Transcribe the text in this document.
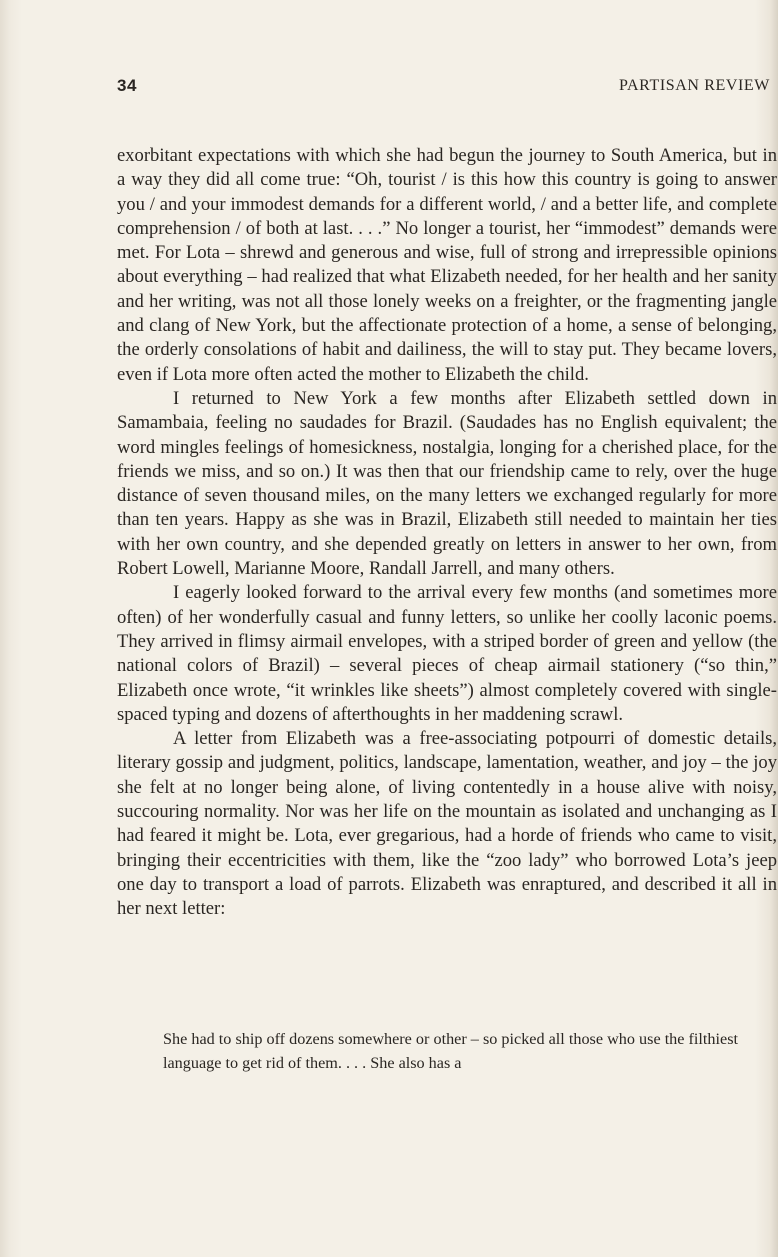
34	PARTISAN REVIEW

exorbitant expectations with which she had begun the journey to South America, but in a way they did all come true: “Oh, tourist / is this how this country is going to answer you / and your immodest demands for a different world, / and a better life, and complete comprehension / of both at last. . . .” No longer a tourist, her “immodest” demands were met. For Lota – shrewd and generous and wise, full of strong and irrepressible opinions about everything – had realized that what Elizabeth needed, for her health and her sanity and her writing, was not all those lonely weeks on a freighter, or the fragmenting jangle and clang of New York, but the affectionate protection of a home, a sense of belonging, the orderly consolations of habit and dailiness, the will to stay put. They became lovers, even if Lota more often acted the mother to Elizabeth the child.

I returned to New York a few months after Elizabeth settled down in Samambaia, feeling no saudades for Brazil. (Saudades has no English equivalent; the word mingles feelings of homesickness, nostalgia, longing for a cherished place, for the friends we miss, and so on.) It was then that our friendship came to rely, over the huge distance of seven thousand miles, on the many letters we exchanged regularly for more than ten years. Happy as she was in Brazil, Elizabeth still needed to maintain her ties with her own country, and she depended greatly on letters in answer to her own, from Robert Lowell, Marianne Moore, Randall Jarrell, and many others.

I eagerly looked forward to the arrival every few months (and sometimes more often) of her wonderfully casual and funny letters, so unlike her coolly laconic poems. They arrived in flimsy airmail envelopes, with a striped border of green and yellow (the national colors of Brazil) – several pieces of cheap airmail stationery (“so thin,” Elizabeth once wrote, “it wrinkles like sheets”) almost completely covered with single-spaced typing and dozens of afterthoughts in her maddening scrawl.

A letter from Elizabeth was a free-associating potpourri of domestic details, literary gossip and judgment, politics, landscape, lamentation, weather, and joy – the joy she felt at no longer being alone, of living contentedly in a house alive with noisy, succouring normality. Nor was her life on the mountain as isolated and unchanging as I had feared it might be. Lota, ever gregarious, had a horde of friends who came to visit, bringing their eccentricities with them, like the “zoo lady” who borrowed Lota’s jeep one day to transport a load of parrots. Elizabeth was enraptured, and described it all in her next letter:

She had to ship off dozens somewhere or other – so picked all those who use the filthiest language to get rid of them. . . . She also has a
